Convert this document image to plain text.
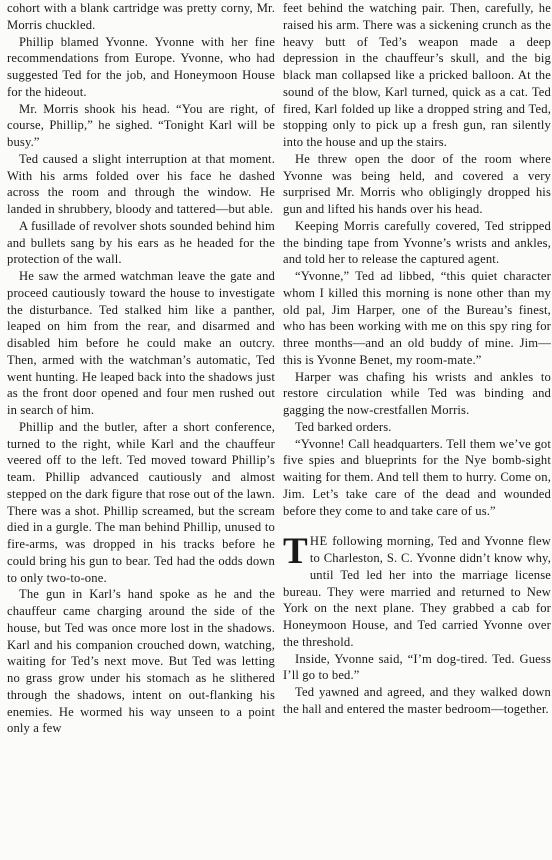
cohort with a blank cartridge was pretty corny, Mr. Morris chuckled.

Phillip blamed Yvonne. Yvonne with her fine recommendations from Europe. Yvonne, who had suggested Ted for the job, and Honeymoon House for the hideout.

Mr. Morris shook his head. “You are right, of course, Phillip,” he sighed. “Tonight Karl will be busy.”

Ted caused a slight interruption at that moment. With his arms folded over his face he dashed across the room and through the window. He landed in shrubbery, bloody and tattered—but able.

A fusillade of revolver shots sounded behind him and bullets sang by his ears as he headed for the protection of the wall.

He saw the armed watchman leave the gate and proceed cautiously toward the house to investigate the disturbance. Ted stalked him like a panther, leaped on him from the rear, and disarmed and disabled him before he could make an outcry. Then, armed with the watchman’s automatic, Ted went hunting. He leaped back into the shadows just as the front door opened and four men rushed out in search of him.

Phillip and the butler, after a short conference, turned to the right, while Karl and the chauffeur veered off to the left. Ted moved toward Phillip’s team. Phillip advanced cautiously and almost stepped on the dark figure that rose out of the lawn. There was a shot. Phillip screamed, but the scream died in a gurgle. The man behind Phillip, unused to fire-arms, was dropped in his tracks before he could bring his gun to bear. Ted had the odds down to only two-to-one.

The gun in Karl’s hand spoke as he and the chauffeur came charging around the side of the house, but Ted was once more lost in the shadows. Karl and his companion crouched down, watching, waiting for Ted’s next move. But Ted was letting no grass grow under his stomach as he slithered through the shadows, intent on out-flanking his enemies. He wormed his way unseen to a point only a few

feet behind the watching pair. Then, carefully, he raised his arm. There was a sickening crunch as the heavy butt of Ted’s weapon made a deep depression in the chauffeur’s skull, and the big black man collapsed like a pricked balloon. At the sound of the blow, Karl turned, quick as a cat. Ted fired, Karl folded up like a dropped string and Ted, stopping only to pick up a fresh gun, ran silently into the house and up the stairs.

He threw open the door of the room where Yvonne was being held, and covered a very surprised Mr. Morris who obligingly dropped his gun and lifted his hands over his head.

Keeping Morris carefully covered, Ted stripped the binding tape from Yvonne’s wrists and ankles, and told her to release the captured agent.

“Yvonne,” Ted ad libbed, “this quiet character whom I killed this morning is none other than my old pal, Jim Harper, one of the Bureau’s finest, who has been working with me on this spy ring for three months—and an old buddy of mine. Jim—this is Yvonne Benet, my room-mate.”

Harper was chafing his wrists and ankles to restore circulation while Ted was binding and gagging the now-crestfallen Morris.

Ted barked orders.

“Yvonne! Call headquarters. Tell them we’ve got five spies and blueprints for the Nye bomb-sight waiting for them. And tell them to hurry. Come on, Jim. Let’s take care of the dead and wounded before they come to and take care of us.”

THE following morning, Ted and Yvonne flew to Charleston, S. C. Yvonne didn’t know why, until Ted led her into the marriage license bureau. They were married and returned to New York on the next plane. They grabbed a cab for Honeymoon House, and Ted carried Yvonne over the threshold.

Inside, Yvonne said, “I’m dog-tired. Ted. Guess I’ll go to bed.”

Ted yawned and agreed, and they walked down the hall and entered the master bedroom—together.
